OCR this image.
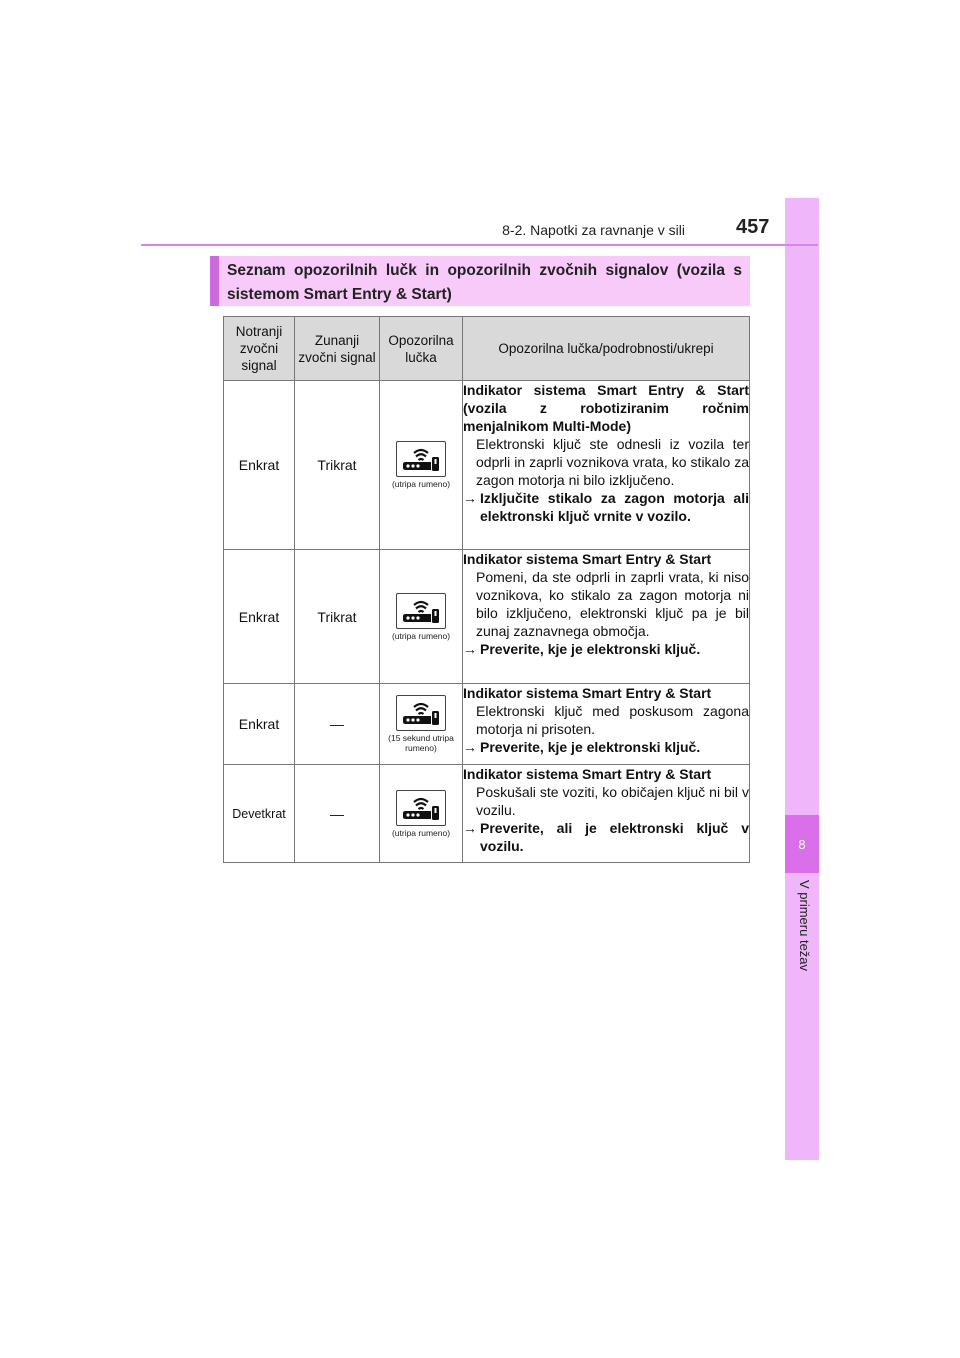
8
V primeru težav
8-2. Napotki za ravnanje v sili	457
Seznam opozorilnih lučk in opozorilnih zvočnih signalov (vozila s sistemom Smart Entry & Start)
Notranji zvočni signal	Zunanji zvočni signal	Opozorilna lučka	Opozorilna lučka/podrobnosti/ukrepi
Enkrat	Trikrat	(utripa rumeno)	Indikator sistema Smart Entry & Start (vozila z robotiziranim ročnim menjalnikom Multi-Mode)
Elektronski ključ ste odnesli iz vozila ter odprli in zaprli voznikova vrata, ko stikalo za zagon motorja ni bilo izključeno.
→ Izključite stikalo za zagon motorja ali elektronski ključ vrnite v vozilo.

Enkrat	Trikrat	(utripa rumeno)	Indikator sistema Smart Entry & Start
Pomeni, da ste odprli in zaprli vrata, ki niso voznikova, ko stikalo za zagon motorja ni bilo izključeno, elektronski ključ pa je bil zunaj zaznavnega območja.
→ Preverite, kje je elektronski ključ.

Enkrat	—	(15 sekund utripa rumeno)	Indikator sistema Smart Entry & Start
Elektronski ključ med poskusom zagona motorja ni prisoten.
→ Preverite, kje je elektronski ključ.

Devetkrat	—	(utripa rumeno)	Indikator sistema Smart Entry & Start
Poskušali ste voziti, ko običajen ključ ni bil v vozilu.
→ Preverite, ali je elektronski ključ v vozilu.
